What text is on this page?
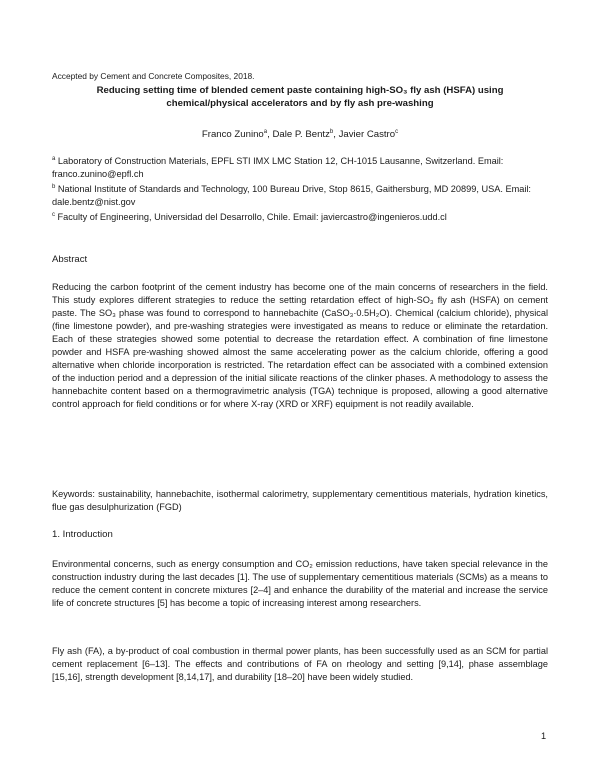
Accepted by Cement and Concrete Composites, 2018.
Reducing setting time of blended cement paste containing high-SO₃ fly ash (HSFA) using
chemical/physical accelerators and by fly ash pre-washing
Franco Zunino$^a$, Dale P. Bentz$^b$, Javier Castro$^c$

$^a$ Laboratory of Construction Materials, EPFL STI IMX LMC Station 12, CH-1015 Lausanne, Switzerland. Email: franco.zunino@epfl.ch

$^b$ National Institute of Standards and Technology, 100 Bureau Drive, Stop 8615, Gaithersburg, MD 20899, USA. Email: dale.bentz@nist.gov

$^c$ Faculty of Engineering, Universidad del Desarrollo, Chile. Email: javiercastro@ingenieros.udd.cl

Abstract

Reducing the carbon footprint of the cement industry has become one of the main concerns of researchers in the field. This study explores different strategies to reduce the setting retardation effect of high-SO₃ fly ash (HSFA) on cement paste. The SO₃ phase was found to correspond to hannebachite (CaSO₃·0.5H₂O). Chemical (calcium chloride), physical (fine limestone powder), and pre-washing strategies were investigated as means to reduce or eliminate the retardation. Each of these strategies showed some potential to decrease the retardation effect. A combination of fine limestone powder and HSFA pre-washing showed almost the same accelerating power as the calcium chloride, offering a good alternative when chloride incorporation is restricted. The retardation effect can be associated with a combined extension of the induction period and a depression of the initial silicate reactions of the clinker phases. A methodology to assess the hannebachite content based on a thermogravimetric analysis (TGA) technique is proposed, allowing a good alternative control approach for field conditions or for where X-ray (XRD or XRF) equipment is not readily available.

Keywords: sustainability, hannebachite, isothermal calorimetry, supplementary cementitious materials, hydration kinetics, flue gas desulphurization (FGD)

1. Introduction

Environmental concerns, such as energy consumption and CO₂ emission reductions, have taken special relevance in the construction industry during the last decades [1]. The use of supplementary cementitious materials (SCMs) as a means to reduce the cement content in concrete mixtures [2–4] and enhance the durability of the material and increase the service life of concrete structures [5] has become a topic of increasing interest among researchers.

Fly ash (FA), a by-product of coal combustion in thermal power plants, has been successfully used as an SCM for partial cement replacement [6–13]. The effects and contributions of FA on rheology and setting [9,14], phase assemblage [15,16], strength development [8,14,17], and durability [18–20] have been widely studied.

1
